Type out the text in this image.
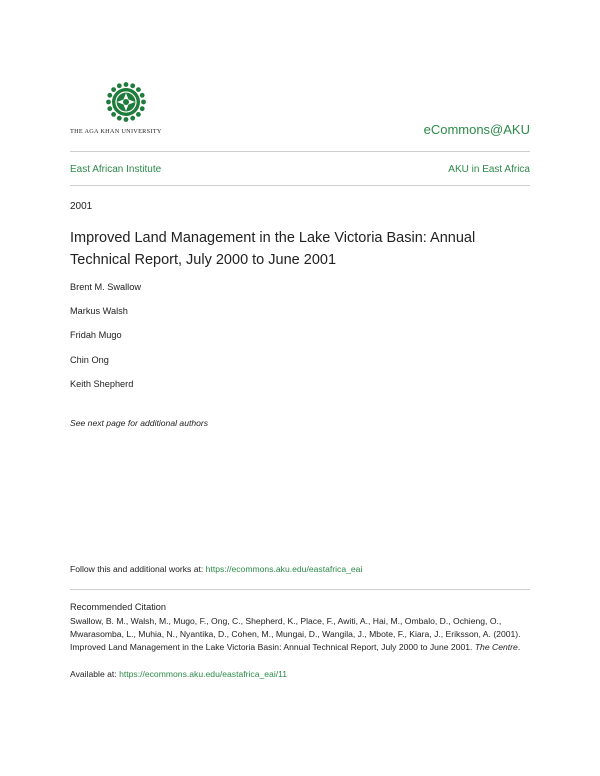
THE AGA KHAN UNIVERSITY	eCommons@AKU
East African Institute	AKU in East Africa
2001
Improved Land Management in the Lake Victoria Basin: Annual Technical Report, July 2000 to June 2001
Brent M. Swallow
Markus Walsh
Fridah Mugo
Chin Ong
Keith Shepherd
See next page for additional authors
Follow this and additional works at: https://ecommons.aku.edu/eastafrica_eai
Recommended Citation
Swallow, B. M., Walsh, M., Mugo, F., Ong, C., Shepherd, K., Place, F., Awiti, A., Hai, M., Ombalo, D., Ochieng, O., Mwarasomba, L., Muhia, N., Nyantika, D., Cohen, M., Mungai, D., Wangila, J., Mbote, F., Kiara, J., Eriksson, A. (2001). Improved Land Management in the Lake Victoria Basin: Annual Technical Report, July 2000 to June 2001. The Centre.
Available at: https://ecommons.aku.edu/eastafrica_eai/11
